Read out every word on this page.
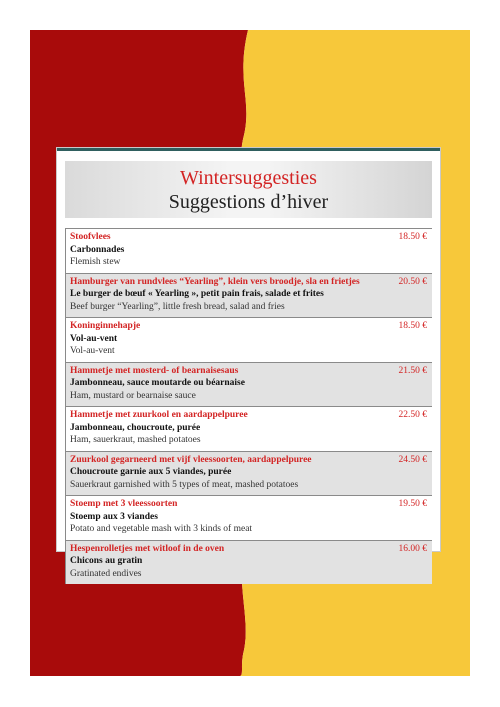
Wintersuggesties
Suggestions d’hiver
Stoofvlees
Carbonnades
Flemish stew
18.50 €
Hamburger van rundvlees “Yearling”, klein vers broodje, sla en frietjes
Le burger de bœuf « Yearling », petit pain frais, salade et frites
Beef burger “Yearling”, little fresh bread, salad and fries
20.50 €
Koninginnehapje
Vol-au-vent
Vol-au-vent
18.50 €
Hammetje met mosterd- of bearnaisesaus
Jambonneau, sauce moutarde ou béarnaise
Ham, mustard or bearnaise sauce
21.50 €
Hammetje met zuurkool en aardappelpuree
Jambonneau, choucroute, purée
Ham, sauerkraut, mashed potatoes
22.50 €
Zuurkool gegarneerd met vijf vleessoorten, aardappelpuree
Choucroute garnie aux 5 viandes, purée
Sauerkraut garnished with 5 types of meat, mashed potatoes
24.50 €
Stoemp met 3 vleessoorten
Stoemp aux 3 viandes
Potato and vegetable mash with 3 kinds of meat
19.50 €
Hespenrolletjes met witloof in de oven
Chicons au gratin
Gratinated endives
16.00 €
